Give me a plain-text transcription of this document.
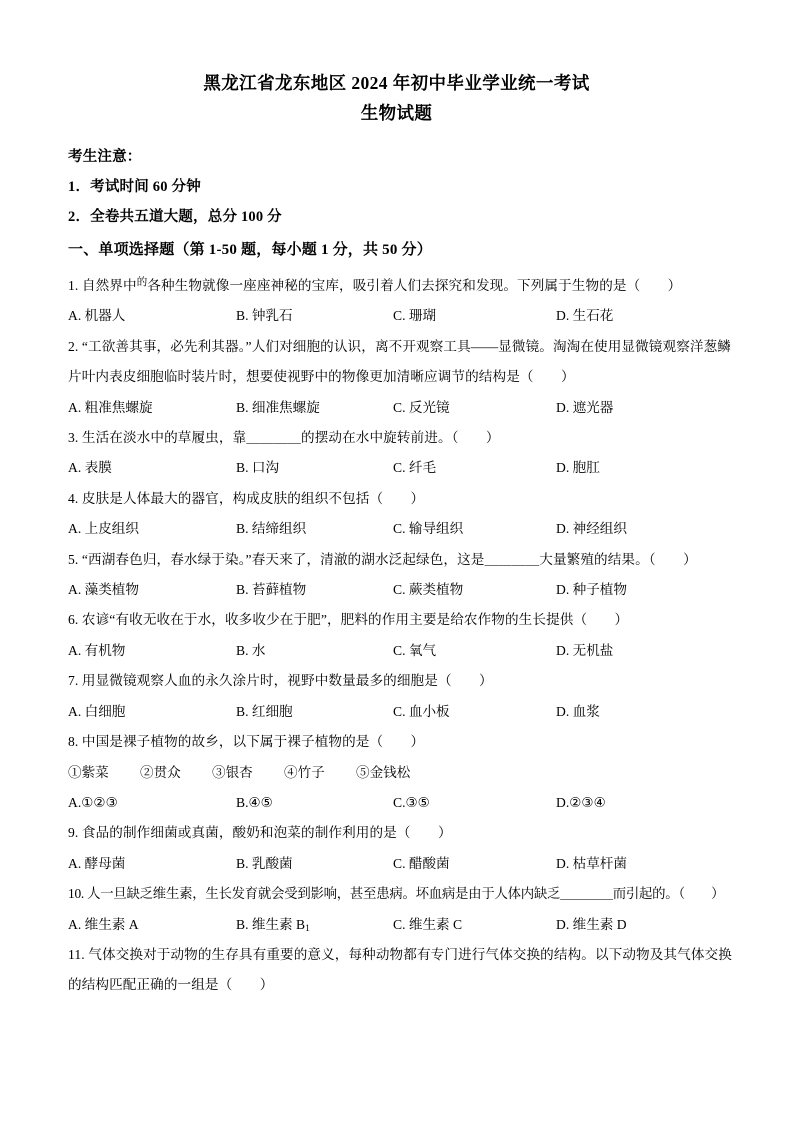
黑龙江省龙东地区 2024 年初中毕业学业统一考试
生物试题

考生注意：

1．考试时间 60 分钟

2．全卷共五道大题，总分 100 分

一、单项选择题（第 1-50 题，每小题 1 分，共 50 分）

1. 自然界中$^的$各种生物就像一座座神秘的宝库，吸引着人们去探究和发现。下列属于生物的是（　　）

A. 机器人	B. 钟乳石	C. 珊瑚	D. 生石花

2. “工欲善其事，必先利其器。”人们对细胞的认识，离不开观察工具——显微镜。淘淘在使用显微镜观察洋葱鳞片叶内表皮细胞临时装片时，想要使视野中的物像更加清晰应调节的结构是（　　）

A. 粗准焦螺旋	B. 细准焦螺旋	C. 反光镜	D. 遮光器

3. 生活在淡水中的草履虫，靠＿＿＿＿的摆动在水中旋转前进。（　　）

A. 表膜	B. 口沟	C. 纤毛	D. 胞肛

4. 皮肤是人体最大的器官，构成皮肤的组织不包括（　　）

A. 上皮组织	B. 结缔组织	C. 输导组织	D. 神经组织

5. “西湖春色归，春水绿于染。”春天来了，清澈的湖水泛起绿色，这是＿＿＿＿大量繁殖的结果。（　　）

A. 藻类植物	B. 苔藓植物	C. 蕨类植物	D. 种子植物

6. 农谚“有收无收在于水，收多收少在于肥”，肥料的作用主要是给农作物的生长提供（　　）

A. 有机物	B. 水	C. 氧气	D. 无机盐

7. 用显微镜观察人血的永久涂片时，视野中数量最多的细胞是（　　）

A. 白细胞	B. 红细胞	C. 血小板	D. 血浆

8. 中国是裸子植物的故乡，以下属于裸子植物的是（　　）

①紫菜	②贯众	③银杏	④竹子	⑤金钱松
A.①②③	B.④⑤	C.③⑤	D.②③④

9. 食品的制作细菌或真菌，酸奶和泡菜的制作利用的是（　　）

A. 酵母菌	B. 乳酸菌	C. 醋酸菌	D. 枯草杆菌

10. 人一旦缺乏维生素，生长发育就会受到影响，甚至患病。坏血病是由于人体内缺乏＿＿＿＿而引起的。（　　）

A. 维生素 A	B. 维生素 $B_1$	C. 维生素 C	D. 维生素 D

11. 气体交换对于动物的生存具有重要的意义，每种动物都有专门进行气体交换的结构。以下动物及其气体交换的结构匹配正确的一组是（　　）
